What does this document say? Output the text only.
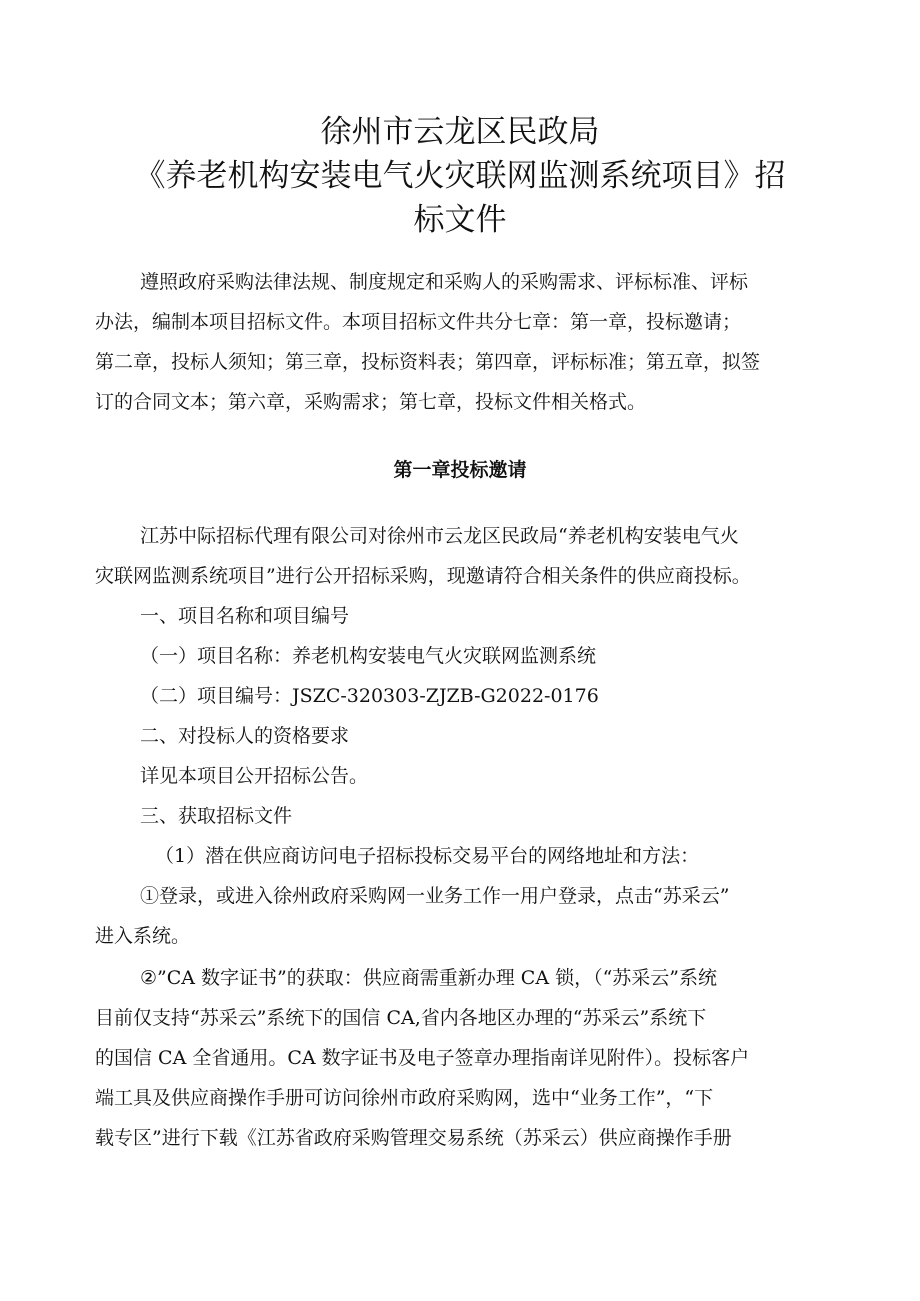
徐州市云龙区民政局
《养老机构安装电气火灾联网监测系统项目》招
标文件

遵照政府采购法律法规、制度规定和采购人的采购需求、评标标准、评标
办法，编制本项目招标文件。本项目招标文件共分七章：第一章，投标邀请；
第二章，投标人须知；第三章，投标资料表；第四章，评标标准；第五章，拟签
订的合同文本；第六章，采购需求；第七章，投标文件相关格式。

第一章投标邀请

江苏中际招标代理有限公司对徐州市云龙区民政局“养老机构安装电气火
灾联网监测系统项目”进行公开招标采购，现邀请符合相关条件的供应商投标。

一、项目名称和项目编号
（一）项目名称：养老机构安装电气火灾联网监测系统
（二）项目编号：JSZC-320303-ZJZB-G2022-0176
二、对投标人的资格要求
详见本项目公开招标公告。
三、获取招标文件
（1）潜在供应商访问电子招标投标交易平台的网络地址和方法：

①登录，或进入徐州政府采购网一业务工作一用户登录，点击“苏采云”
进入系统。

②”CA 数字证书”的获取：供应商需重新办理 CA 锁，（“苏采云”系统
目前仅支持“苏采云”系统下的国信 CA,省内各地区办理的“苏采云”系统下
的国信 CA 全省通用。CA 数字证书及电子签章办理指南详见附件）。投标客户
端工具及供应商操作手册可访问徐州市政府采购网，选中“业务工作”，“下
载专区”进行下载《江苏省政府采购管理交易系统（苏采云）供应商操作手册
